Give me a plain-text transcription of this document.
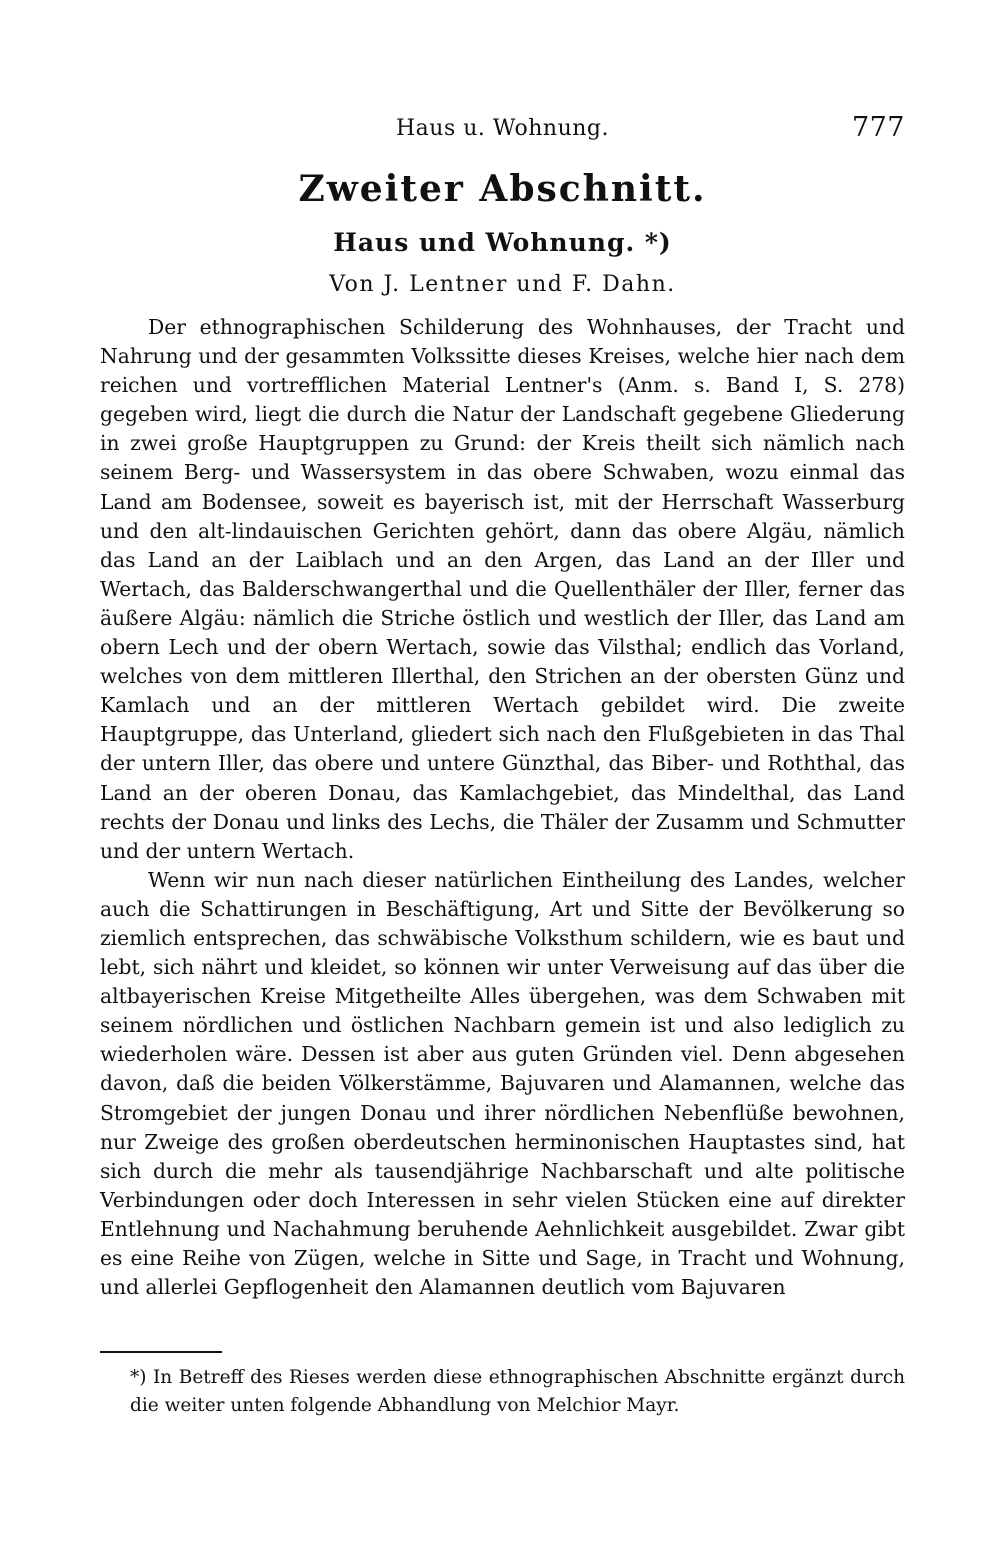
Haus u. Wohnung.	777
Zweiter Abschnitt.
Haus und Wohnung. *)
Von J. Lentner und F. Dahn.

Der ethnographischen Schilderung des Wohnhauses, der Tracht und Nahrung und der gesammten Volkssitte dieses Kreises, welche hier nach dem reichen und vortrefflichen Material Lentner's (Anm. s. Band I, S. 278) gegeben wird, liegt die durch die Natur der Landschaft gegebene Gliederung in zwei große Hauptgruppen zu Grund: der Kreis theilt sich nämlich nach seinem Berg- und Wassersystem in das obere Schwaben, wozu einmal das Land am Bodensee, soweit es bayerisch ist, mit der Herrschaft Wasserburg und den alt-lindauischen Gerichten gehört, dann das obere Algäu, nämlich das Land an der Laiblach und an den Argen, das Land an der Iller und Wertach, das Balderschwangerthal und die Quellenthäler der Iller, ferner das äußere Algäu: nämlich die Striche östlich und westlich der Iller, das Land am obern Lech und der obern Wertach, sowie das Vilsthal; endlich das Vorland, welches von dem mittleren Illerthal, den Strichen an der obersten Günz und Kamlach und an der mittleren Wertach gebildet wird. Die zweite Hauptgruppe, das Unterland, gliedert sich nach den Flußgebieten in das Thal der untern Iller, das obere und untere Günzthal, das Biber- und Roththal, das Land an der oberen Donau, das Kamlachgebiet, das Mindelthal, das Land rechts der Donau und links des Lechs, die Thäler der Zusamm und Schmutter und der untern Wertach.

Wenn wir nun nach dieser natürlichen Eintheilung des Landes, welcher auch die Schattirungen in Beschäftigung, Art und Sitte der Bevölkerung so ziemlich entsprechen, das schwäbische Volksthum schildern, wie es baut und lebt, sich nährt und kleidet, so können wir unter Verweisung auf das über die altbayerischen Kreise Mitgetheilte Alles übergehen, was dem Schwaben mit seinem nördlichen und östlichen Nachbarn gemein ist und also lediglich zu wiederholen wäre. Dessen ist aber aus guten Gründen viel. Denn abgesehen davon, daß die beiden Völkerstämme, Bajuvaren und Alamannen, welche das Stromgebiet der jungen Donau und ihrer nördlichen Nebenflüße bewohnen, nur Zweige des großen oberdeutschen herminonischen Hauptastes sind, hat sich durch die mehr als tausendjährige Nachbarschaft und alte politische Verbindungen oder doch Interessen in sehr vielen Stücken eine auf direkter Entlehnung und Nachahmung beruhende Aehnlichkeit ausgebildet. Zwar gibt es eine Reihe von Zügen, welche in Sitte und Sage, in Tracht und Wohnung, und allerlei Gepflogenheit den Alamannen deutlich vom Bajuvaren

*) In Betreff des Rieses werden diese ethnographischen Abschnitte ergänzt durch die weiter unten folgende Abhandlung von Melchior Mayr.
